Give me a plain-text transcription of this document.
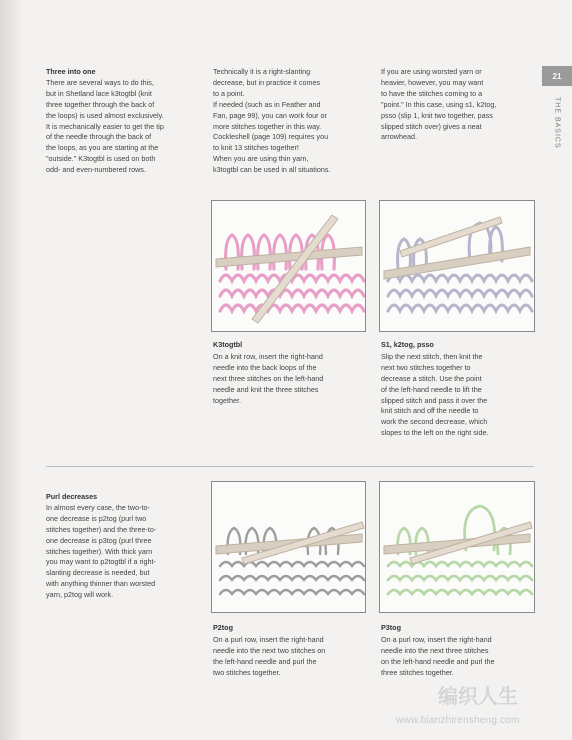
Three into one
There are several ways to do this,
but in Shetland lace k3togtbl (knit
three together through the back of
the loops) is used almost exclusively.
It is mechanically easier to get the tip
of the needle through the back of
the loops, as you are starting at the
"outside." K3togtbl is used on both
odd- and even-numbered rows.
Technically it is a right-slanting
decrease, but in practice it comes
to a point.
If needed (such as in Feather and
Fan, page 99), you can work four or
more stitches together in this way.
Cockleshell (page 109) requires you
to knit 13 stitches together!
When you are using thin yarn,
k3togtbl can be used in all situations.
If you are using worsted yarn or
heavier, however, you may want
to have the stitches coming to a
"point." In this case, using s1, k2tog,
psso (slip 1, knit two together, pass
slipped stitch over) gives a neat
arrowhead.
21
THE BASICS
K3togtbl
On a knit row, insert the right-hand
needle into the back loops of the
next three stitches on the left-hand
needle and knit the three stitches
together.
S1, k2tog, psso
Slip the next stitch, then knit the
next two stitches together to
decrease a stitch. Use the point
of the left-hand needle to lift the
slipped stitch and pass it over the
knit stitch and off the needle to
work the second decrease, which
slopes to the left on the right side.
Purl decreases
In almost every case, the two-to-
one decrease is p2tog (purl two
stitches together) and the three-to-
one decrease is p3tog (purl three
stitches together). With thick yarn
you may want to p2togtbl if a right-
slanting decrease is needed, but
with anything thinner than worsted
yarn, p2tog will work.
P2tog
On a purl row, insert the right-hand
needle into the next two stitches on
the left-hand needle and purl the
two stitches together.
P3tog
On a purl row, insert the right-hand
needle into the next three stitches
on the left-hand needle and purl the
three stitches together.
编织人生
www.bianzhirensheng.com
